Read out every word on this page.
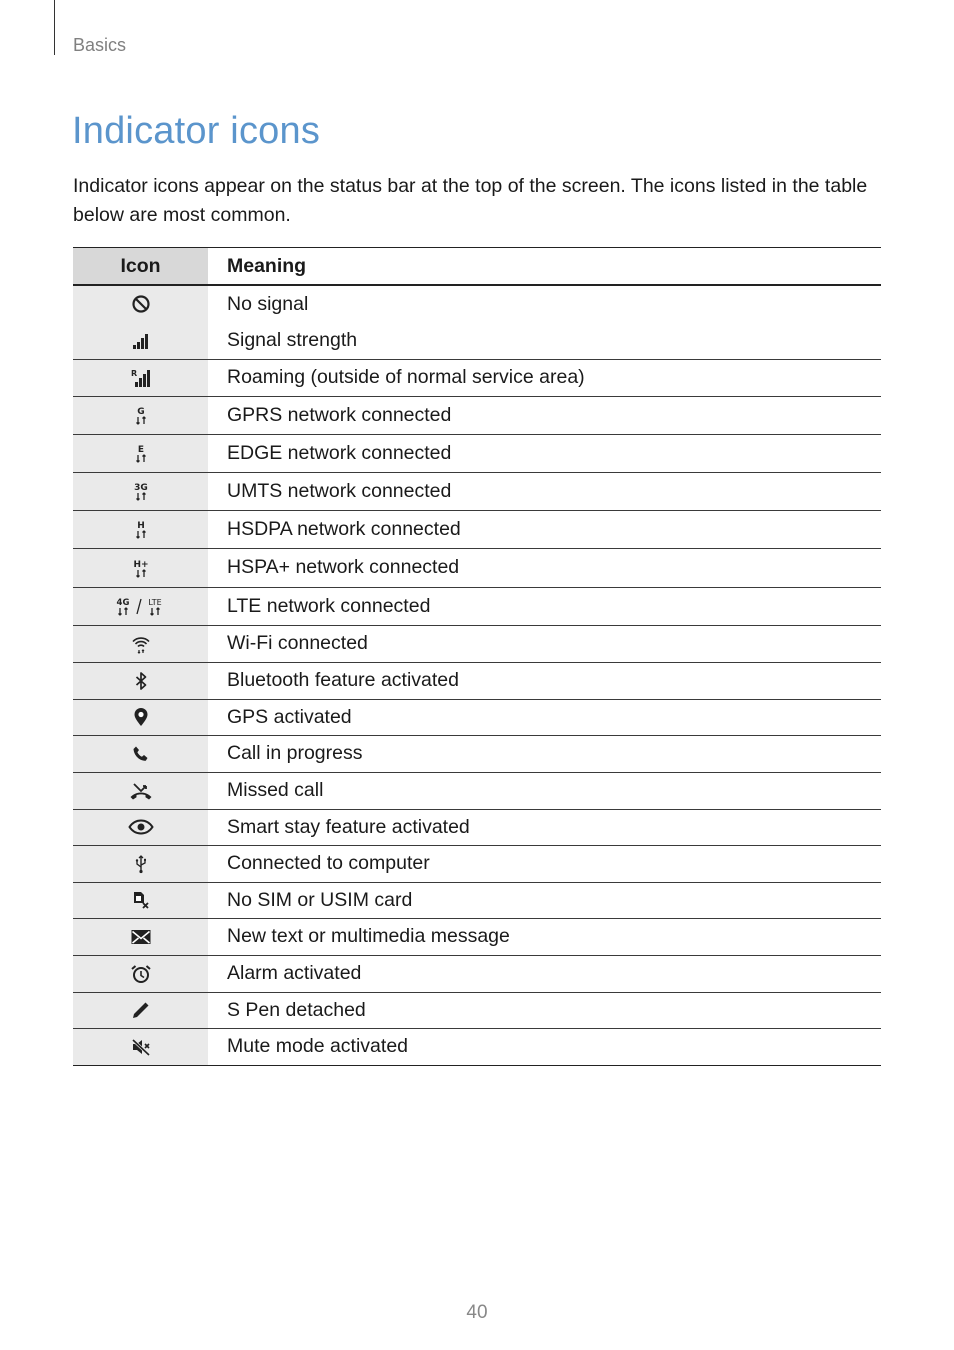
Basics
Indicator icons

Indicator icons appear on the status bar at the top of the screen. The icons listed in the table below are most common.

Icon	Meaning

	No signal

	Signal strength

R	Roaming (outside of normal service area)

G	GPRS network connected

E	EDGE network connected

3G	UMTS network connected

H	HSDPA network connected

H+	HSPA+ network connected

4G LTE	LTE network connected

	Wi-Fi connected

	Bluetooth feature activated

	GPS activated

	Call in progress

	Missed call

	Smart stay feature activated

	Connected to computer

	No SIM or USIM card

	New text or multimedia message

	Alarm activated

	S Pen detached

	Mute mode activated
40
